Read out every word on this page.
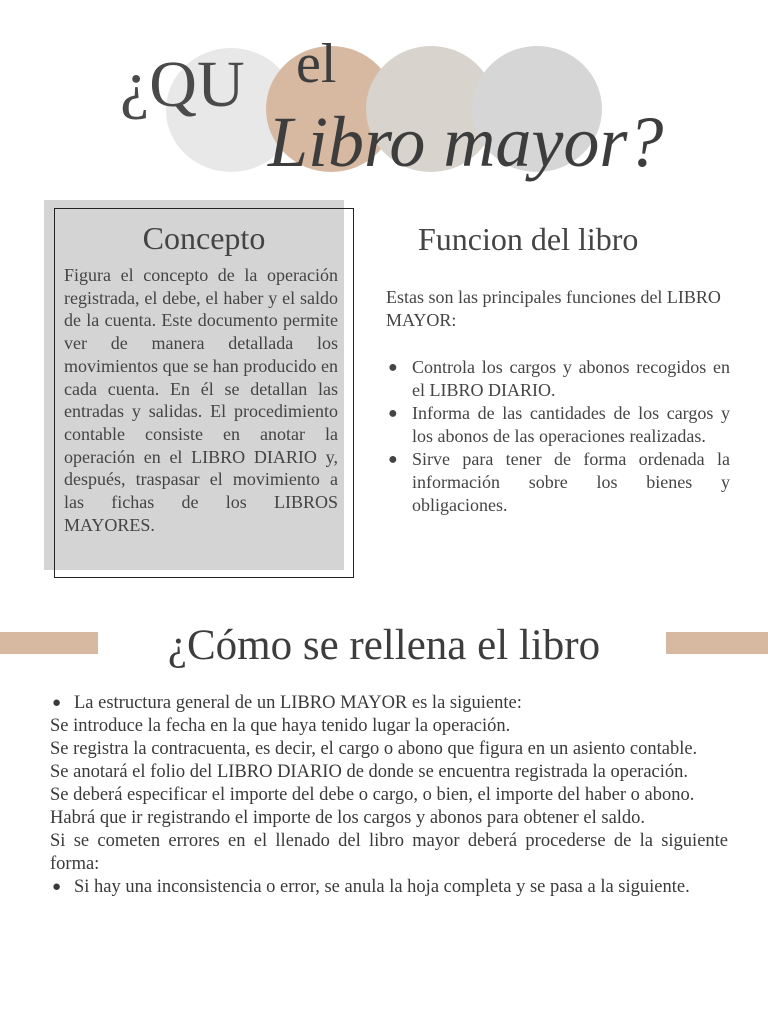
¿QU el
Libro mayor?
Concepto
Figura el concepto de la operación registrada, el debe, el haber y el saldo de la cuenta. Este documento permite ver de manera detallada los movimientos que se han producido en cada cuenta. En él se detallan las entradas y salidas. El procedimiento contable consiste en anotar la operación en el LIBRO DIARIO y, después, traspasar el movimiento a las fichas de los LIBROS MAYORES.
Funcion del libro
Estas son las principales funciones del LIBRO MAYOR:
● Controla los cargos y abonos recogidos en el LIBRO DIARIO.
● Informa de las cantidades de los cargos y los abonos de las operaciones realizadas.
● Sirve para tener de forma ordenada la información sobre los bienes y obligaciones.
¿Cómo se rellena el libro

● La estructura general de un LIBRO MAYOR es la siguiente:

Se introduce la fecha en la que haya tenido lugar la operación.

Se registra la contracuenta, es decir, el cargo o abono que figura en un asiento contable.

Se anotará el folio del LIBRO DIARIO de donde se encuentra registrada la operación.

Se deberá especificar el importe del debe o cargo, o bien, el importe del haber o abono.

Habrá que ir registrando el importe de los cargos y abonos para obtener el saldo.

Si se cometen errores en el llenado del libro mayor deberá procederse de la siguiente forma:

● Si hay una inconsistencia o error, se anula la hoja completa y se pasa a la siguiente.
